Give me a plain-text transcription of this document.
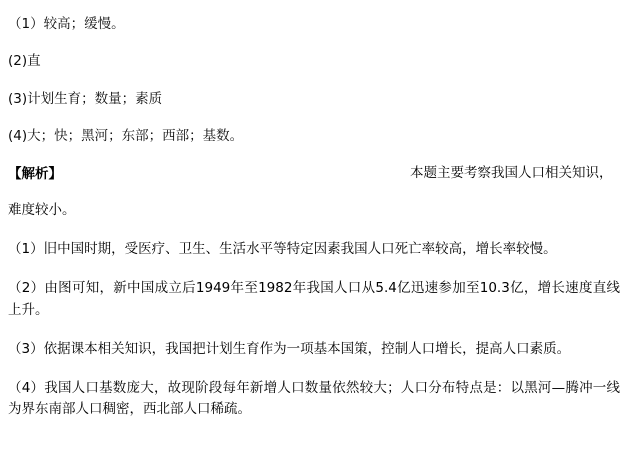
（1）较高；缓慢。
(2)直
(3)计划生育；数量；素质
(4)大；快；黑河；东部；西部；基数。
【解析】	本题主要考察我国人口相关知识，
难度较小。
（1）旧中国时期，受医疗、卫生、生活水平等特定因素我国人口死亡率较高，增长率较慢。
（2）由图可知，新中国成立后1949年至1982年我国人口从5.4亿迅速参加至10.3亿，增长速度直线上升。
（3）依据课本相关知识，我国把计划生育作为一项基本国策，控制人口增长，提高人口素质。
（4）我国人口基数庞大，故现阶段每年新增人口数量依然较大；人口分布特点是：以黑河—腾冲一线为界东南部人口稠密，西北部人口稀疏。
